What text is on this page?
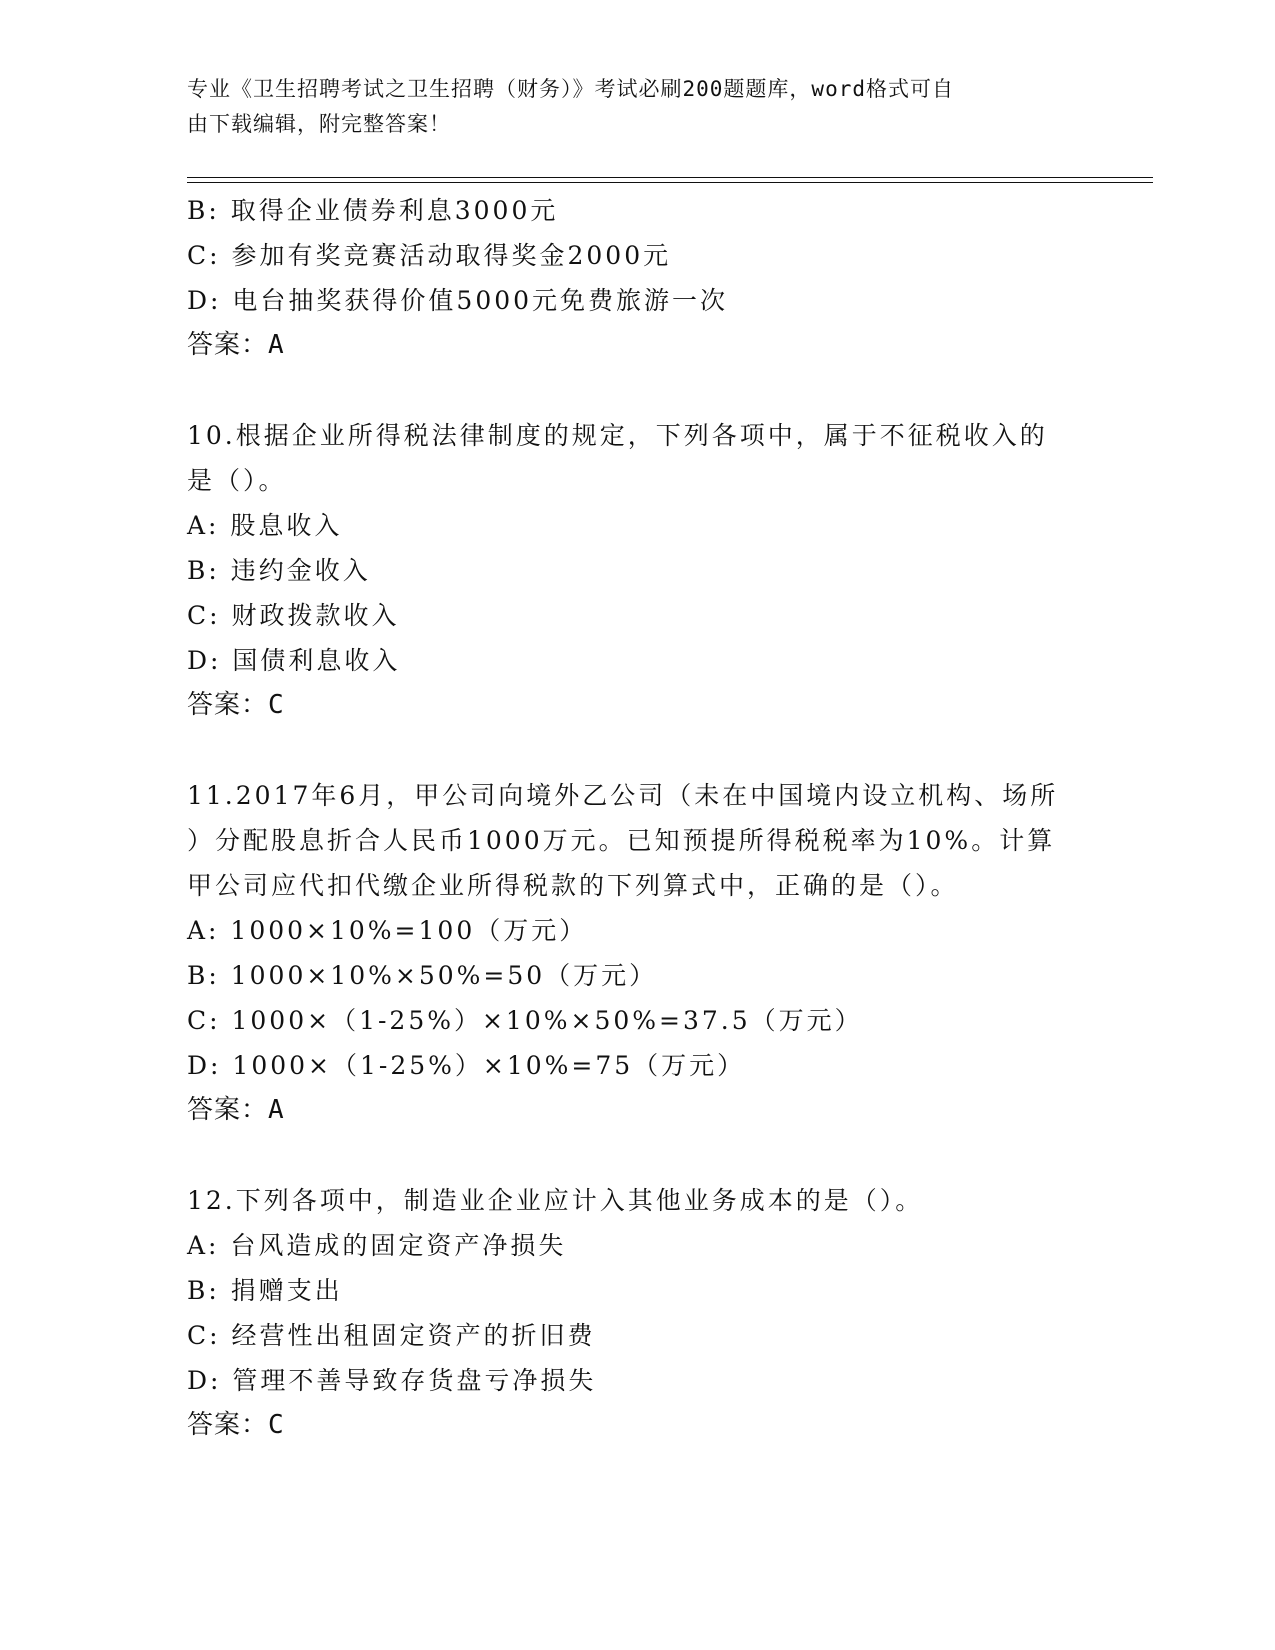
专业《卫生招聘考试之卫生招聘（财务）》考试必刷200题题库，word格式可自
由下载编辑，附完整答案！
B: 取得企业债券利息3000元
C: 参加有奖竞赛活动取得奖金2000元
D: 电台抽奖获得价值5000元免费旅游一次
答案：A
10.根据企业所得税法律制度的规定，下列各项中，属于不征税收入的
是（）。
A: 股息收入
B: 违约金收入
C: 财政拨款收入
D: 国债利息收入
答案：C
11.2017年6月，甲公司向境外乙公司（未在中国境内设立机构、场所
）分配股息折合人民币1000万元。已知预提所得税税率为10%。计算
甲公司应代扣代缴企业所得税款的下列算式中，正确的是（）。
A: 1000×10%=100（万元）
B: 1000×10%×50%=50（万元）
C: 1000×（1-25%）×10%×50%=37.5（万元）
D: 1000×（1-25%）×10%=75（万元）
答案：A
12.下列各项中，制造业企业应计入其他业务成本的是（）。
A: 台风造成的固定资产净损失
B: 捐赠支出
C: 经营性出租固定资产的折旧费
D: 管理不善导致存货盘亏净损失
答案：C
